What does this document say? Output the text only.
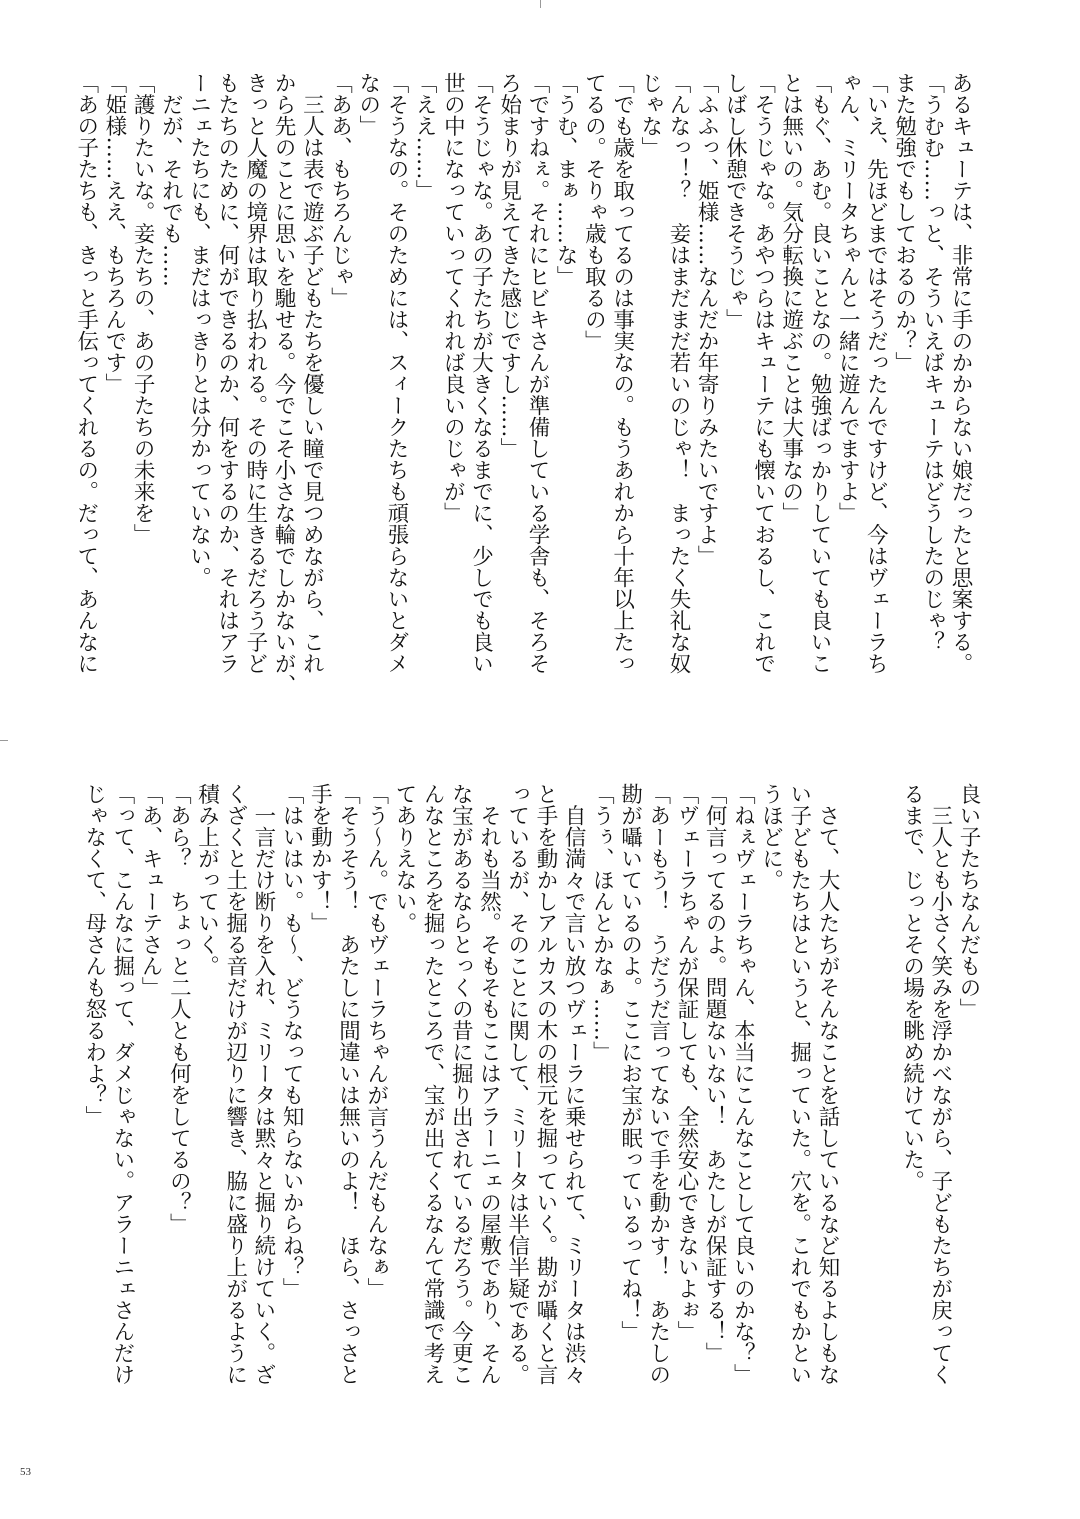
あるキューテは、非常に手のかからない娘だったと思案する。
「うむむ……っと、そういえばキューテはどうしたのじゃ？
また勉強でもしておるのか？」
「いえ、先ほどまではそうだったんですけど、今はヴェーラち
ゃん、ミリータちゃんと一緒に遊んでますよ」
「もぐ、あむ。良いことなの。勉強ばっかりしていても良いこ
とは無いの。気分転換に遊ぶことは大事なの」
「そうじゃな。あやつらはキューテにも懐いておるし、これで
しばし休憩できそうじゃ」
「ふふっ、姫様……なんだか年寄りみたいですよ」
「んなっ！？　妾はまだまだ若いのじゃ！　まったく失礼な奴
じゃな」
「でも歳を取ってるのは事実なの。もうあれから十年以上たっ
てるの。そりゃ歳も取るの」
「うむ、まぁ……な」
「ですねぇ。それにヒビキさんが準備している学舎も、そろそ
ろ始まりが見えてきた感じですし……」
「そうじゃな。あの子たちが大きくなるまでに、少しでも良い
世の中になっていってくれれば良いのじゃが」
「ええ……」
「そうなの。そのためには、スィークたちも頑張らないとダメ
なの」
「ああ、もちろんじゃ」
　三人は表で遊ぶ子どもたちを優しい瞳で見つめながら、これ
から先のことに思いを馳せる。今でこそ小さな輪でしかないが、
きっと人魔の境界は取り払われる。その時に生きるだろう子ど
もたちのために、何ができるのか、何をするのか、それはアラ
ーニェたちにも、まだはっきりとは分かっていない。
　だが、それでも……
「護りたいな。妾たちの、あの子たちの未来を」
「姫様……ええ、もちろんです」
「あの子たちも、きっと手伝ってくれるの。だって、あんなに
良い子たちなんだもの」
　三人とも小さく笑みを浮かべながら、子どもたちが戻ってく
るまで、じっとその場を眺め続けていた。
　さて、大人たちがそんなことを話しているなど知るよしもな
い子どもたちはというと、掘っていた。穴を。これでもかとい
うほどに。
「ねぇヴェーラちゃん、本当にこんなことして良いのかな？」
「何言ってるのよ。問題ないない！　あたしが保証する！」
「ヴェーラちゃんが保証しても、全然安心できないよぉ」
「あーもう！　うだうだ言ってないで手を動かす！　あたしの
勘が囁いているのよ。ここにお宝が眠っているってね！」
「うぅ、ほんとかなぁ……」
　自信満々で言い放つヴェーラに乗せられて、ミリータは渋々
と手を動かしアルカスの木の根元を掘っていく。勘が囁くと言
っているが、そのことに関して、ミリータは半信半疑である。
　それも当然。そもそもここはアラーニェの屋敷であり、そん
な宝があるならとっくの昔に掘り出されているだろう。今更こ
んなところを掘ったところで、宝が出てくるなんて常識で考え
てありえない。
「う～ん。でもヴェーラちゃんが言うんだもんなぁ」
「そうそう！　あたしに間違いは無いのよ！　ほら、さっさと
手を動かす！」
「はいはい。も～、どうなっても知らないからね？」
　一言だけ断りを入れ、ミリータは黙々と掘り続けていく。ざ
くざくと土を掘る音だけが辺りに響き、脇に盛り上がるように
積み上がっていく。
「あら？　ちょっと二人とも何をしてるの？」
「あ、キューテさん」
「って、こんなに掘って、ダメじゃない。アラーニェさんだけ
じゃなくて、母さんも怒るわよ？」
53
